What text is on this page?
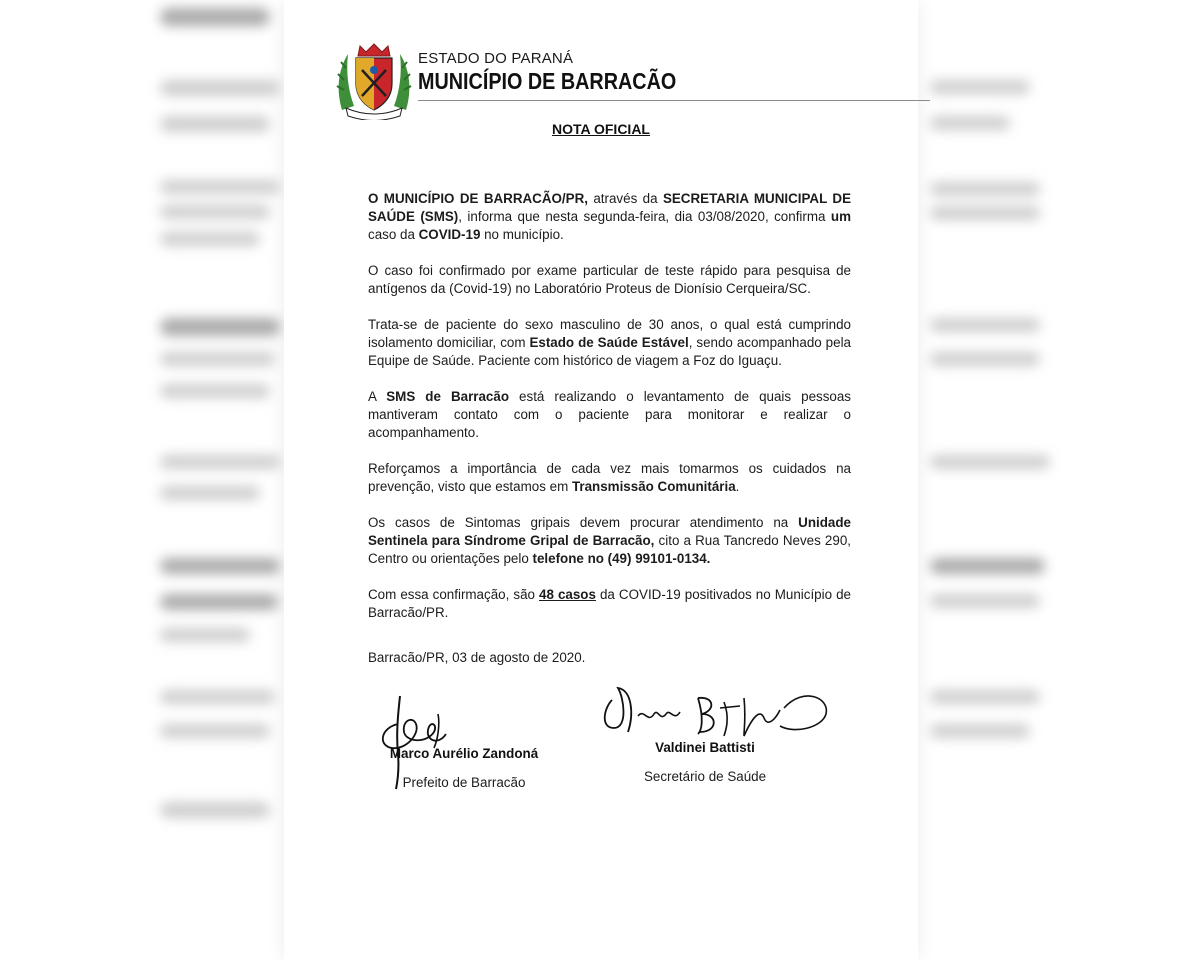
ESTADO DO PARANÁ
MUNICÍPIO DE BARRACÃO
NOTA OFICIAL

O MUNICÍPIO DE BARRACÃO/PR, através da SECRETARIA MUNICIPAL DE SAÚDE (SMS), informa que nesta segunda-feira, dia 03/08/2020, confirma um caso da COVID-19 no município.

O caso foi confirmado por exame particular de teste rápido para pesquisa de antígenos da (Covid-19) no Laboratório Proteus de Dionísio Cerqueira/SC.

Trata-se de paciente do sexo masculino de 30 anos, o qual está cumprindo isolamento domiciliar, com Estado de Saúde Estável, sendo acompanhado pela Equipe de Saúde. Paciente com histórico de viagem a Foz do Iguaçu.

A SMS de Barracão está realizando o levantamento de quais pessoas mantiveram contato com o paciente para monitorar e realizar o acompanhamento.

Reforçamos a importância de cada vez mais tomarmos os cuidados na prevenção, visto que estamos em Transmissão Comunitária.

Os casos de Sintomas gripais devem procurar atendimento na Unidade Sentinela para Síndrome Gripal de Barracão, cito a Rua Tancredo Neves 290, Centro ou orientações pelo telefone no (49) 99101-0134.

Com essa confirmação, são 48 casos da COVID-19 positivados no Município de Barracão/PR.

Barracão/PR, 03 de agosto de 2020.
Marco Aurélio Zandoná
Prefeito de Barracão
Valdinei Battisti
Secretário de Saúde
